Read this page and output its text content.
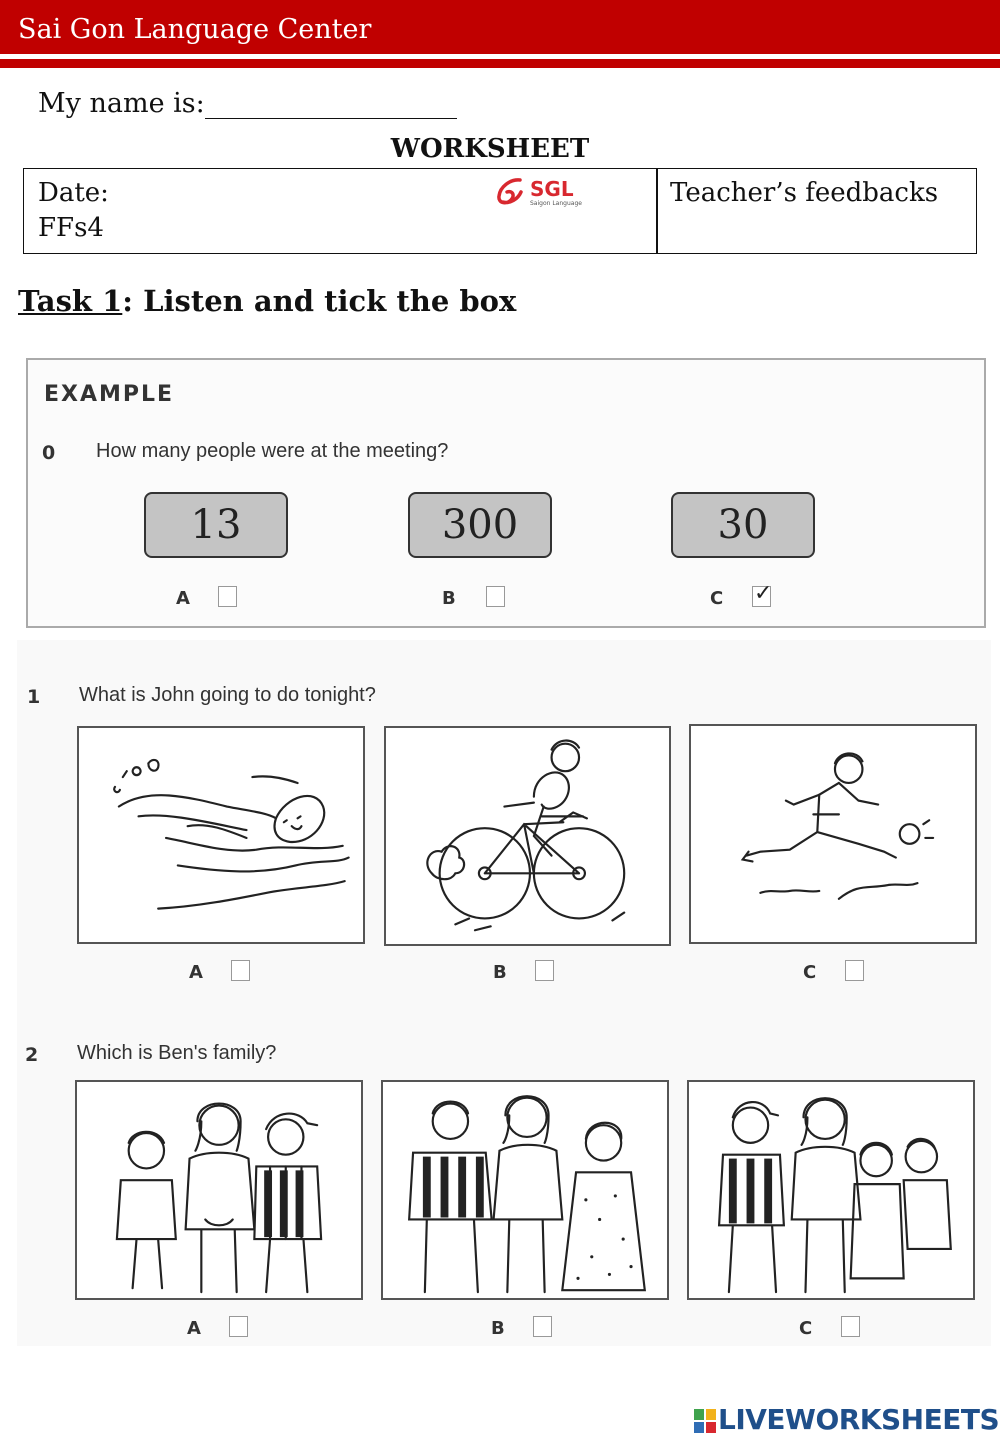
Sai Gon Language Center
My name is:
WORKSHEET
Date:
FFs4
SGL
Saigon Language	Teacher’s feedbacks
Task 1: Listen and tick the box
EXAMPLE
0 How many people were at the meeting?
13	300	30
A	B	C ✓
1 What is John going to do tonight?
A	B	C
2 Which is Ben's family?
A	B	C
LIVEWORKSHEETS
